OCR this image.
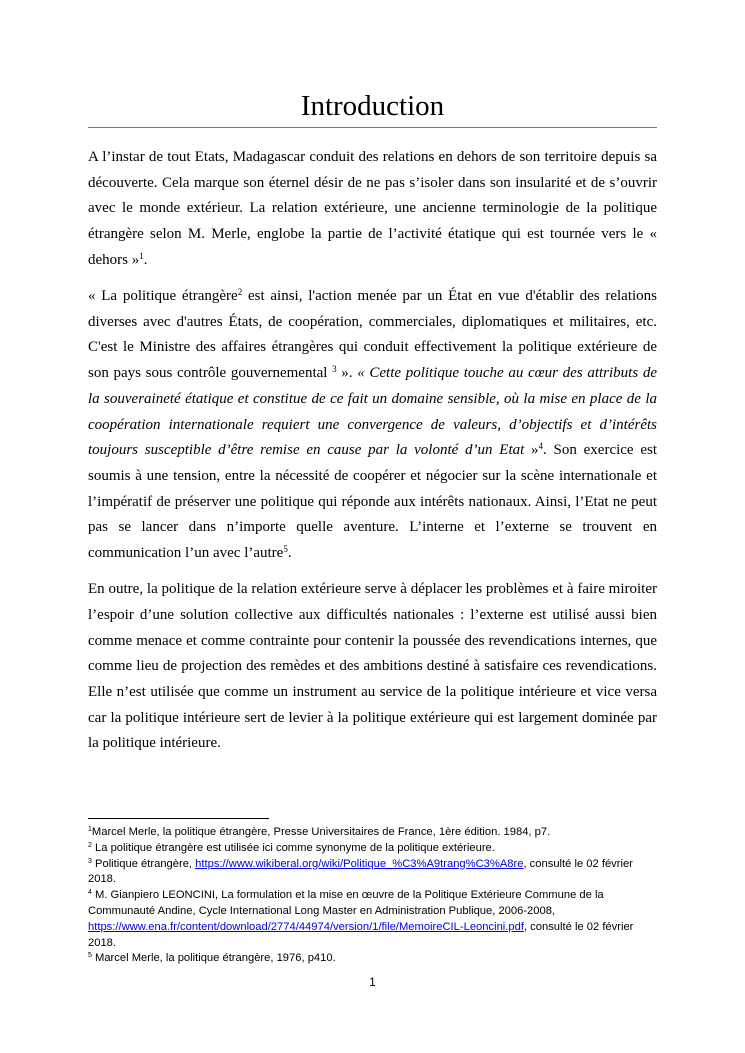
Introduction

A l’instar de tout Etats, Madagascar conduit des relations en dehors de son territoire depuis sa découverte. Cela marque son éternel désir de ne pas s’isoler dans son insularité et de s’ouvrir avec le monde extérieur. La relation extérieure, une ancienne terminologie de la politique étrangère selon M. Merle, englobe la partie de l’activité étatique qui est tournée vers le « dehors »$^1$.

« La politique étrangère$^2$ est ainsi, l'action menée par un État en vue d'établir des relations diverses avec d'autres États, de coopération, commerciales, diplomatiques et militaires, etc. C'est le Ministre des affaires étrangères qui conduit effectivement la politique extérieure de son pays sous contrôle gouvernemental $^3$ ». « Cette politique touche au cœur des attributs de la souveraineté étatique et constitue de ce fait un domaine sensible, où la mise en place de la coopération internationale requiert une convergence de valeurs, d’objectifs et d’intérêts toujours susceptible d’être remise en cause par la volonté d’un Etat »$^4$. Son exercice est soumis à une tension, entre la nécessité de coopérer et négocier sur la scène internationale et l’impératif de préserver une politique qui réponde aux intérêts nationaux. Ainsi, l’Etat ne peut pas se lancer dans n’importe quelle aventure. L’interne et l’externe se trouvent en communication l’un avec l’autre$^5$.

En outre, la politique de la relation extérieure serve à déplacer les problèmes et à faire miroiter l’espoir d’une solution collective aux difficultés nationales : l’externe est utilisé aussi bien comme menace et comme contrainte pour contenir la poussée des revendications internes, que comme lieu de projection des remèdes et des ambitions destiné à satisfaire ces revendications. Elle n’est utilisée que comme un instrument au service de la politique intérieure et vice versa car la politique intérieure sert de levier à la politique extérieure qui est largement dominée par la politique intérieure.

$^1$Marcel Merle, la politique étrangère, Presse Universitaires de France, 1ère édition. 1984, p7.

$^2$ La politique étrangère est utilisée ici comme synonyme de la politique extérieure.

$^3$ Politique étrangère, https://www.wikiberal.org/wiki/Politique_%C3%A9trang%C3%A8re, consulté le 02 février 2018.

$^4$ M. Gianpiero LEONCINI, La formulation et la mise en œuvre de la Politique Extérieure Commune de la Communauté Andine, Cycle International Long Master en Administration Publique, 2006-2008, https://www.ena.fr/content/download/2774/44974/version/1/file/MemoireCIL-Leoncini.pdf, consulté le 02 février 2018.

$^5$ Marcel Merle, la politique étrangère, 1976, p410.

1
